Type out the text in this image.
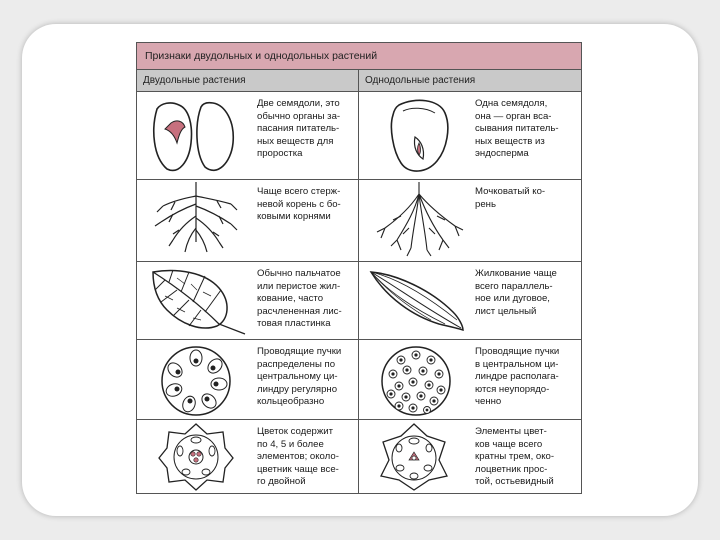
Признаки двудольных и однодольных растений
Двудольные растения	Однодольные растения
Две семядоли, это
обычно органы за-
пасания питатель-
ных веществ для
проростка
Одна семядоля,
она — орган вса-
сывания питатель-
ных веществ из
эндосперма
Чаще всего стерж-
невой корень с бо-
ковыми корнями
Мочковатый ко-
рень
Обычно пальчатое
или перистое жил-
кование, часто
расчлененная лис-
товая пластинка
Жилкование чаще
всего параллель-
ное или дуговое,
лист цельный
Проводящие пучки
распределены по
центральному ци-
линдру регулярно
кольцеобразно
Проводящие пучки
в центральном ци-
линдре располага-
ются неупорядо-
ченно
Цветок содержит
по 4, 5 и более
элементов; около-
цветник чаще все-
го двойной
Элементы цвет-
ков чаще всего
кратны трем, око-
лоцветник прос-
той, остьевидный
